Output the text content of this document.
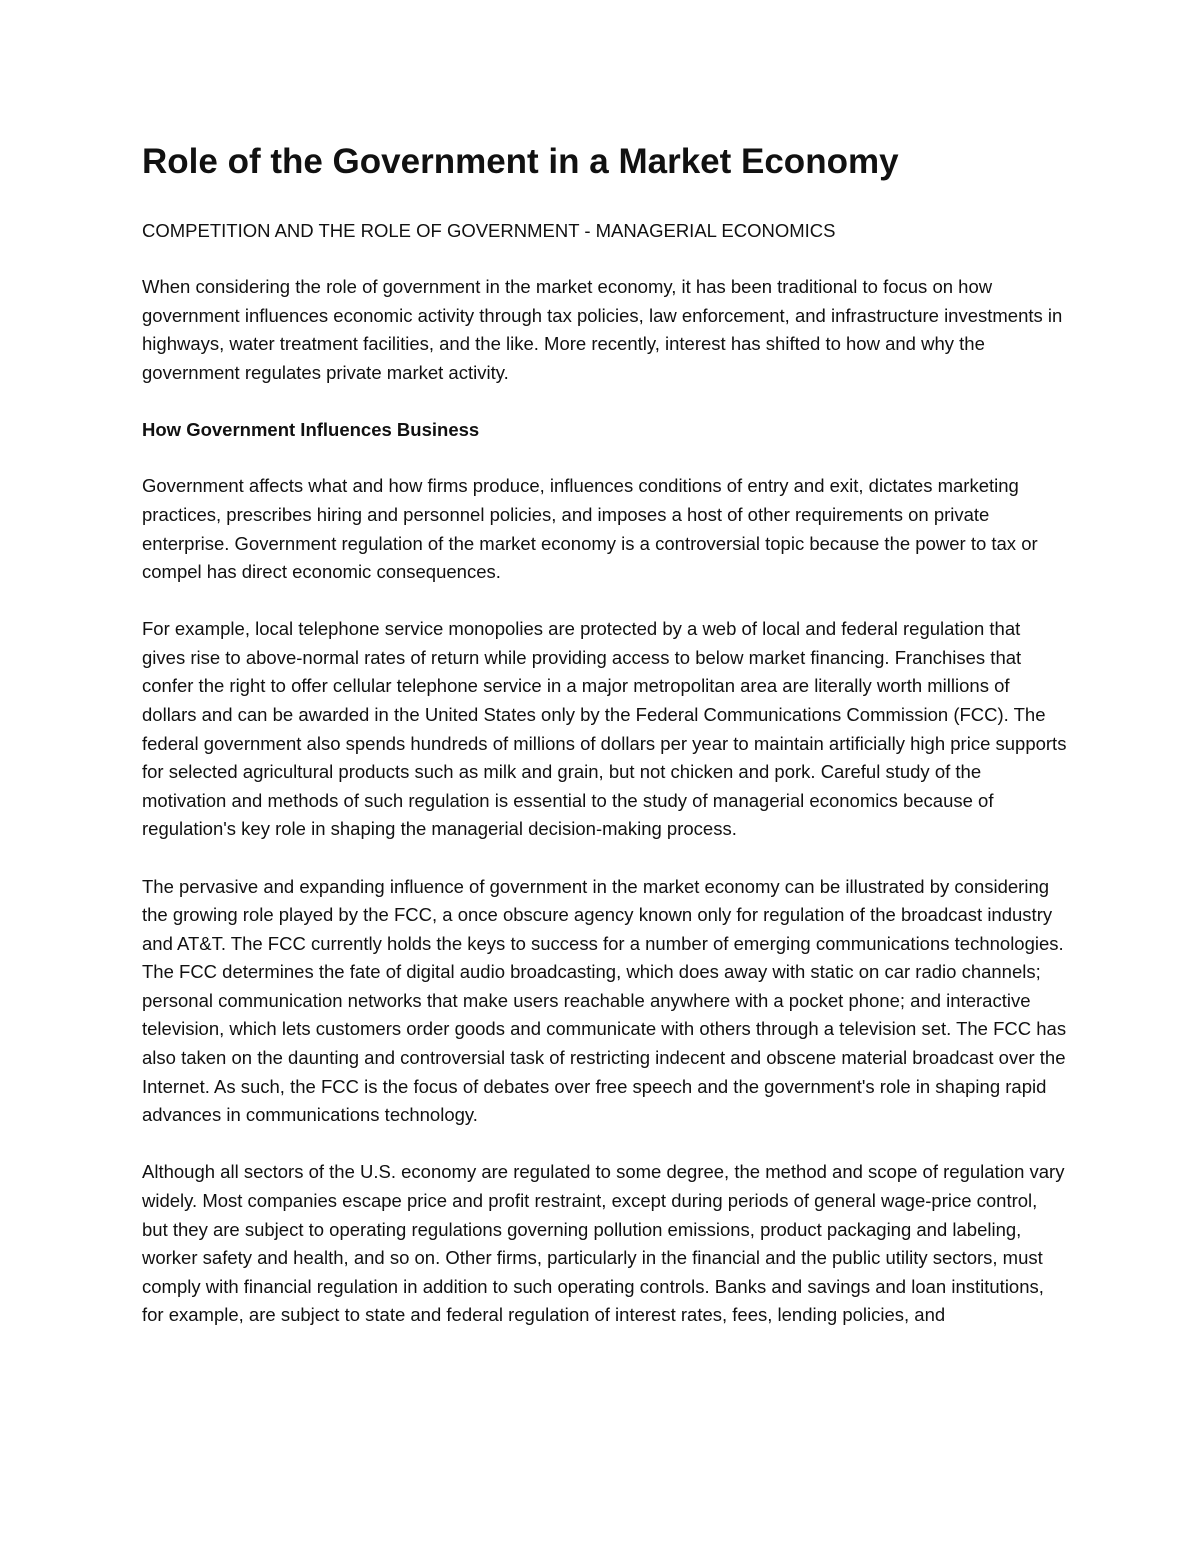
Role of the Government in a Market Economy

COMPETITION AND THE ROLE OF GOVERNMENT - MANAGERIAL ECONOMICS

When considering the role of government in the market economy, it has been traditional to focus on how government influences economic activity through tax policies, law enforcement, and infrastructure investments in highways, water treatment facilities, and the like. More recently, interest has shifted to how and why the government regulates private market activity.

How Government Influences Business

Government affects what and how firms produce, influences conditions of entry and exit, dictates marketing practices, prescribes hiring and personnel policies, and imposes a host of other requirements on private enterprise. Government regulation of the market economy is a controversial topic because the power to tax or compel has direct economic consequences.

For example, local telephone service monopolies are protected by a web of local and federal regulation that gives rise to above-normal rates of return while providing access to below market financing. Franchises that confer the right to offer cellular telephone service in a major metropolitan area are literally worth millions of dollars and can be awarded in the United States only by the Federal Communications Commission (FCC). The federal government also spends hundreds of millions of dollars per year to maintain artificially high price supports for selected agricultural products such as milk and grain, but not chicken and pork. Careful study of the motivation and methods of such regulation is essential to the study of managerial economics because of regulation's key role in shaping the managerial decision-making process.

The pervasive and expanding influence of government in the market economy can be illustrated by considering the growing role played by the FCC, a once obscure agency known only for regulation of the broadcast industry and AT&T. The FCC currently holds the keys to success for a number of emerging communications technologies. The FCC determines the fate of digital audio broadcasting, which does away with static on car radio channels; personal communication networks that make users reachable anywhere with a pocket phone; and interactive television, which lets customers order goods and communicate with others through a television set. The FCC has also taken on the daunting and controversial task of restricting indecent and obscene material broadcast over the Internet. As such, the FCC is the focus of debates over free speech and the government's role in shaping rapid advances in communications technology.

Although all sectors of the U.S. economy are regulated to some degree, the method and scope of regulation vary widely. Most companies escape price and profit restraint, except during periods of general wage-price control, but they are subject to operating regulations governing pollution emissions, product packaging and labeling, worker safety and health, and so on. Other firms, particularly in the financial and the public utility sectors, must comply with financial regulation in addition to such operating controls. Banks and savings and loan institutions, for example, are subject to state and federal regulation of interest rates, fees, lending policies, and
